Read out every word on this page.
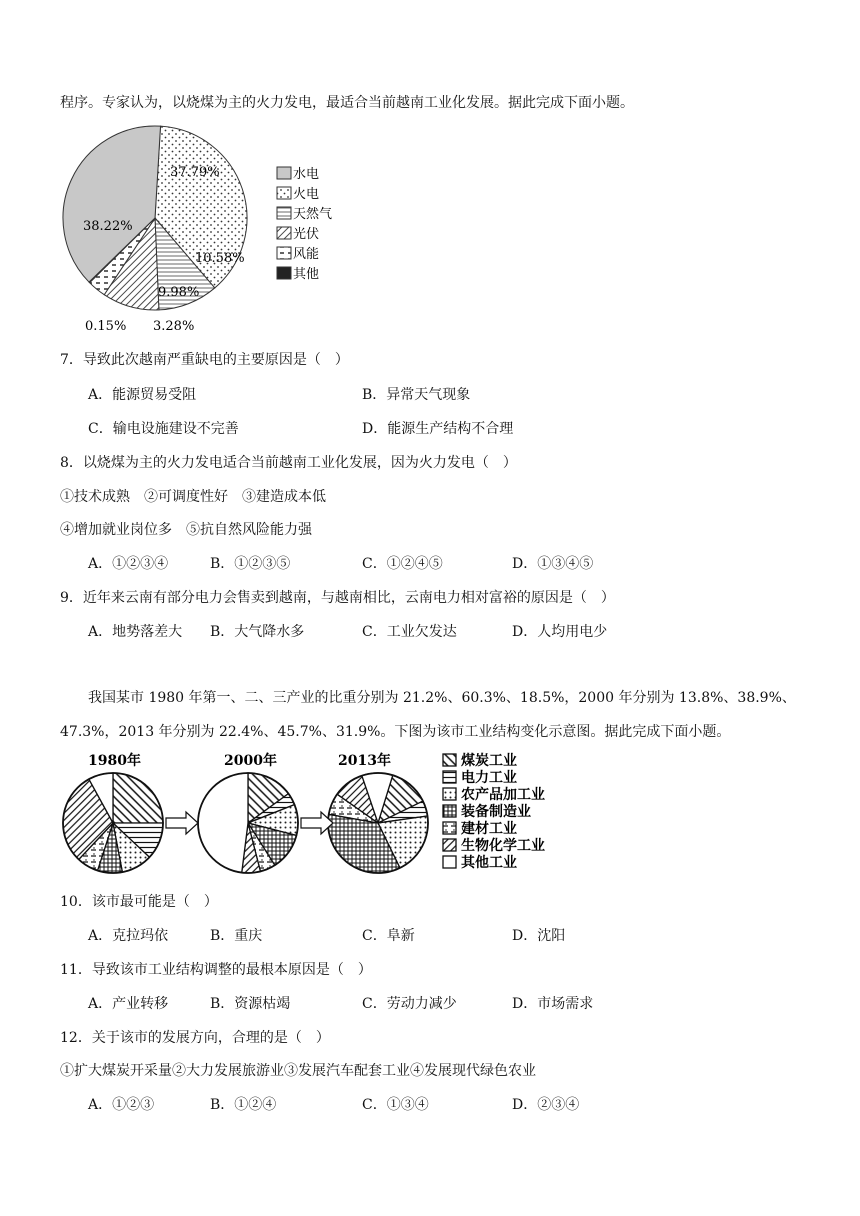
程序。专家认为，以烧煤为主的火力发电，最适合当前越南工业化发展。据此完成下面小题。
38.22%
37.79%
10.58%
9.98%
3.28%
0.15%
水电
火电
天然气
光伏
风能
其他
7．导致此次越南严重缺电的主要原因是（　）
A．能源贸易受阻	B．异常天气现象
C．输电设施建设不完善	D．能源生产结构不合理
8．以烧煤为主的火力发电适合当前越南工业化发展，因为火力发电（　）
①技术成熟　②可调度性好　③建造成本低
④增加就业岗位多　⑤抗自然风险能力强
A．①②③④	B．①②③⑤	C．①②④⑤	D．①③④⑤
9．近年来云南有部分电力会售卖到越南，与越南相比，云南电力相对富裕的原因是（　）
A．地势落差大 B．大气降水多	C．工业欠发达	D．人均用电少
我国某市 1980 年第一、二、三产业的比重分别为 21.2%、60.3%、18.5%，2000 年分别为 13.8%、38.9%、
47.3%，2013 年分别为 22.4%、45.7%、31.9%。下图为该市工业结构变化示意图。据此完成下面小题。
1980年	2000年	2013年	煤炭工业
电力工业
农产品加工业
装备制造业
建材工业
生物化学工业
其他工业
10．该市最可能是（　）
A．克拉玛依	B．重庆	C．阜新	D．沈阳
11．导致该市工业结构调整的最根本原因是（　）
A．产业转移	B．资源枯竭	C．劳动力减少	D．市场需求
12．关于该市的发展方向，合理的是（　）
①扩大煤炭开采量②大力发展旅游业③发展汽车配套工业④发展现代绿色农业
A．①②③	B．①②④	C．①③④	D．②③④
